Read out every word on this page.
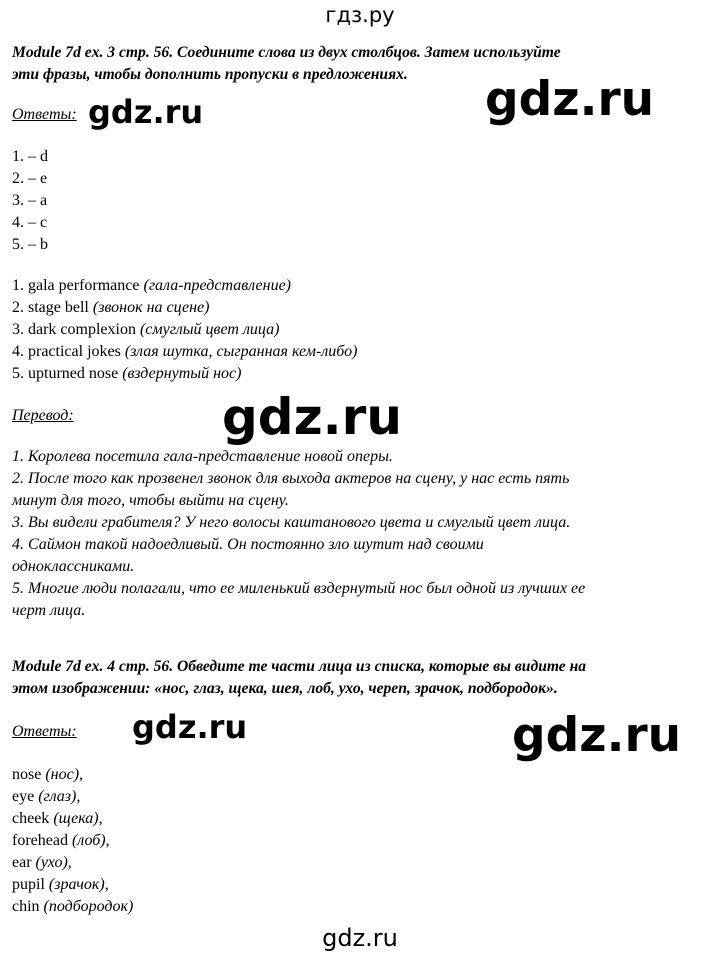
гдз.ру
Module 7d ex. 3 стр. 56. Соедините слова из двух столбцов. Затем используйте
эти фразы, чтобы дополнить пропуски в предложениях.
Ответы: gdz.ru	gdz.ru
1. – d
2. – e
3. – a
4. – c
5. – b
1. gala performance (гала-представление)
2. stage bell (звонок на сцене)
3. dark complexion (смуглый цвет лица)
4. practical jokes (злая шутка, сыгранная кем-либо)
5. upturned nose (вздернутый нос)
Перевод:	gdz.ru
1. Королева посетила гала-представление новой оперы.
2. После того как прозвенел звонок для выхода актеров на сцену, у нас есть пять
минут для того, чтобы выйти на сцену.
3. Вы видели грабителя? У него волосы каштанового цвета и смуглый цвет лица.
4. Саймон такой надоедливый. Он постоянно зло шутит над своими
одноклассниками.
5. Многие люди полагали, что ее миленький вздернутый нос был одной из лучших ее
черт лица.
Module 7d ex. 4 стр. 56. Обведите те части лица из списка, которые вы видите на
этом изображении: «нос, глаз, щека, шея, лоб, ухо, череп, зрачок, подбородок».
Ответы: gdz.ru	gdz.ru
nose (нос),
eye (глаз),
cheek (щека),
forehead (лоб),
ear (ухо),
pupil (зрачок),
chin (подбородок)
gdz.ru
